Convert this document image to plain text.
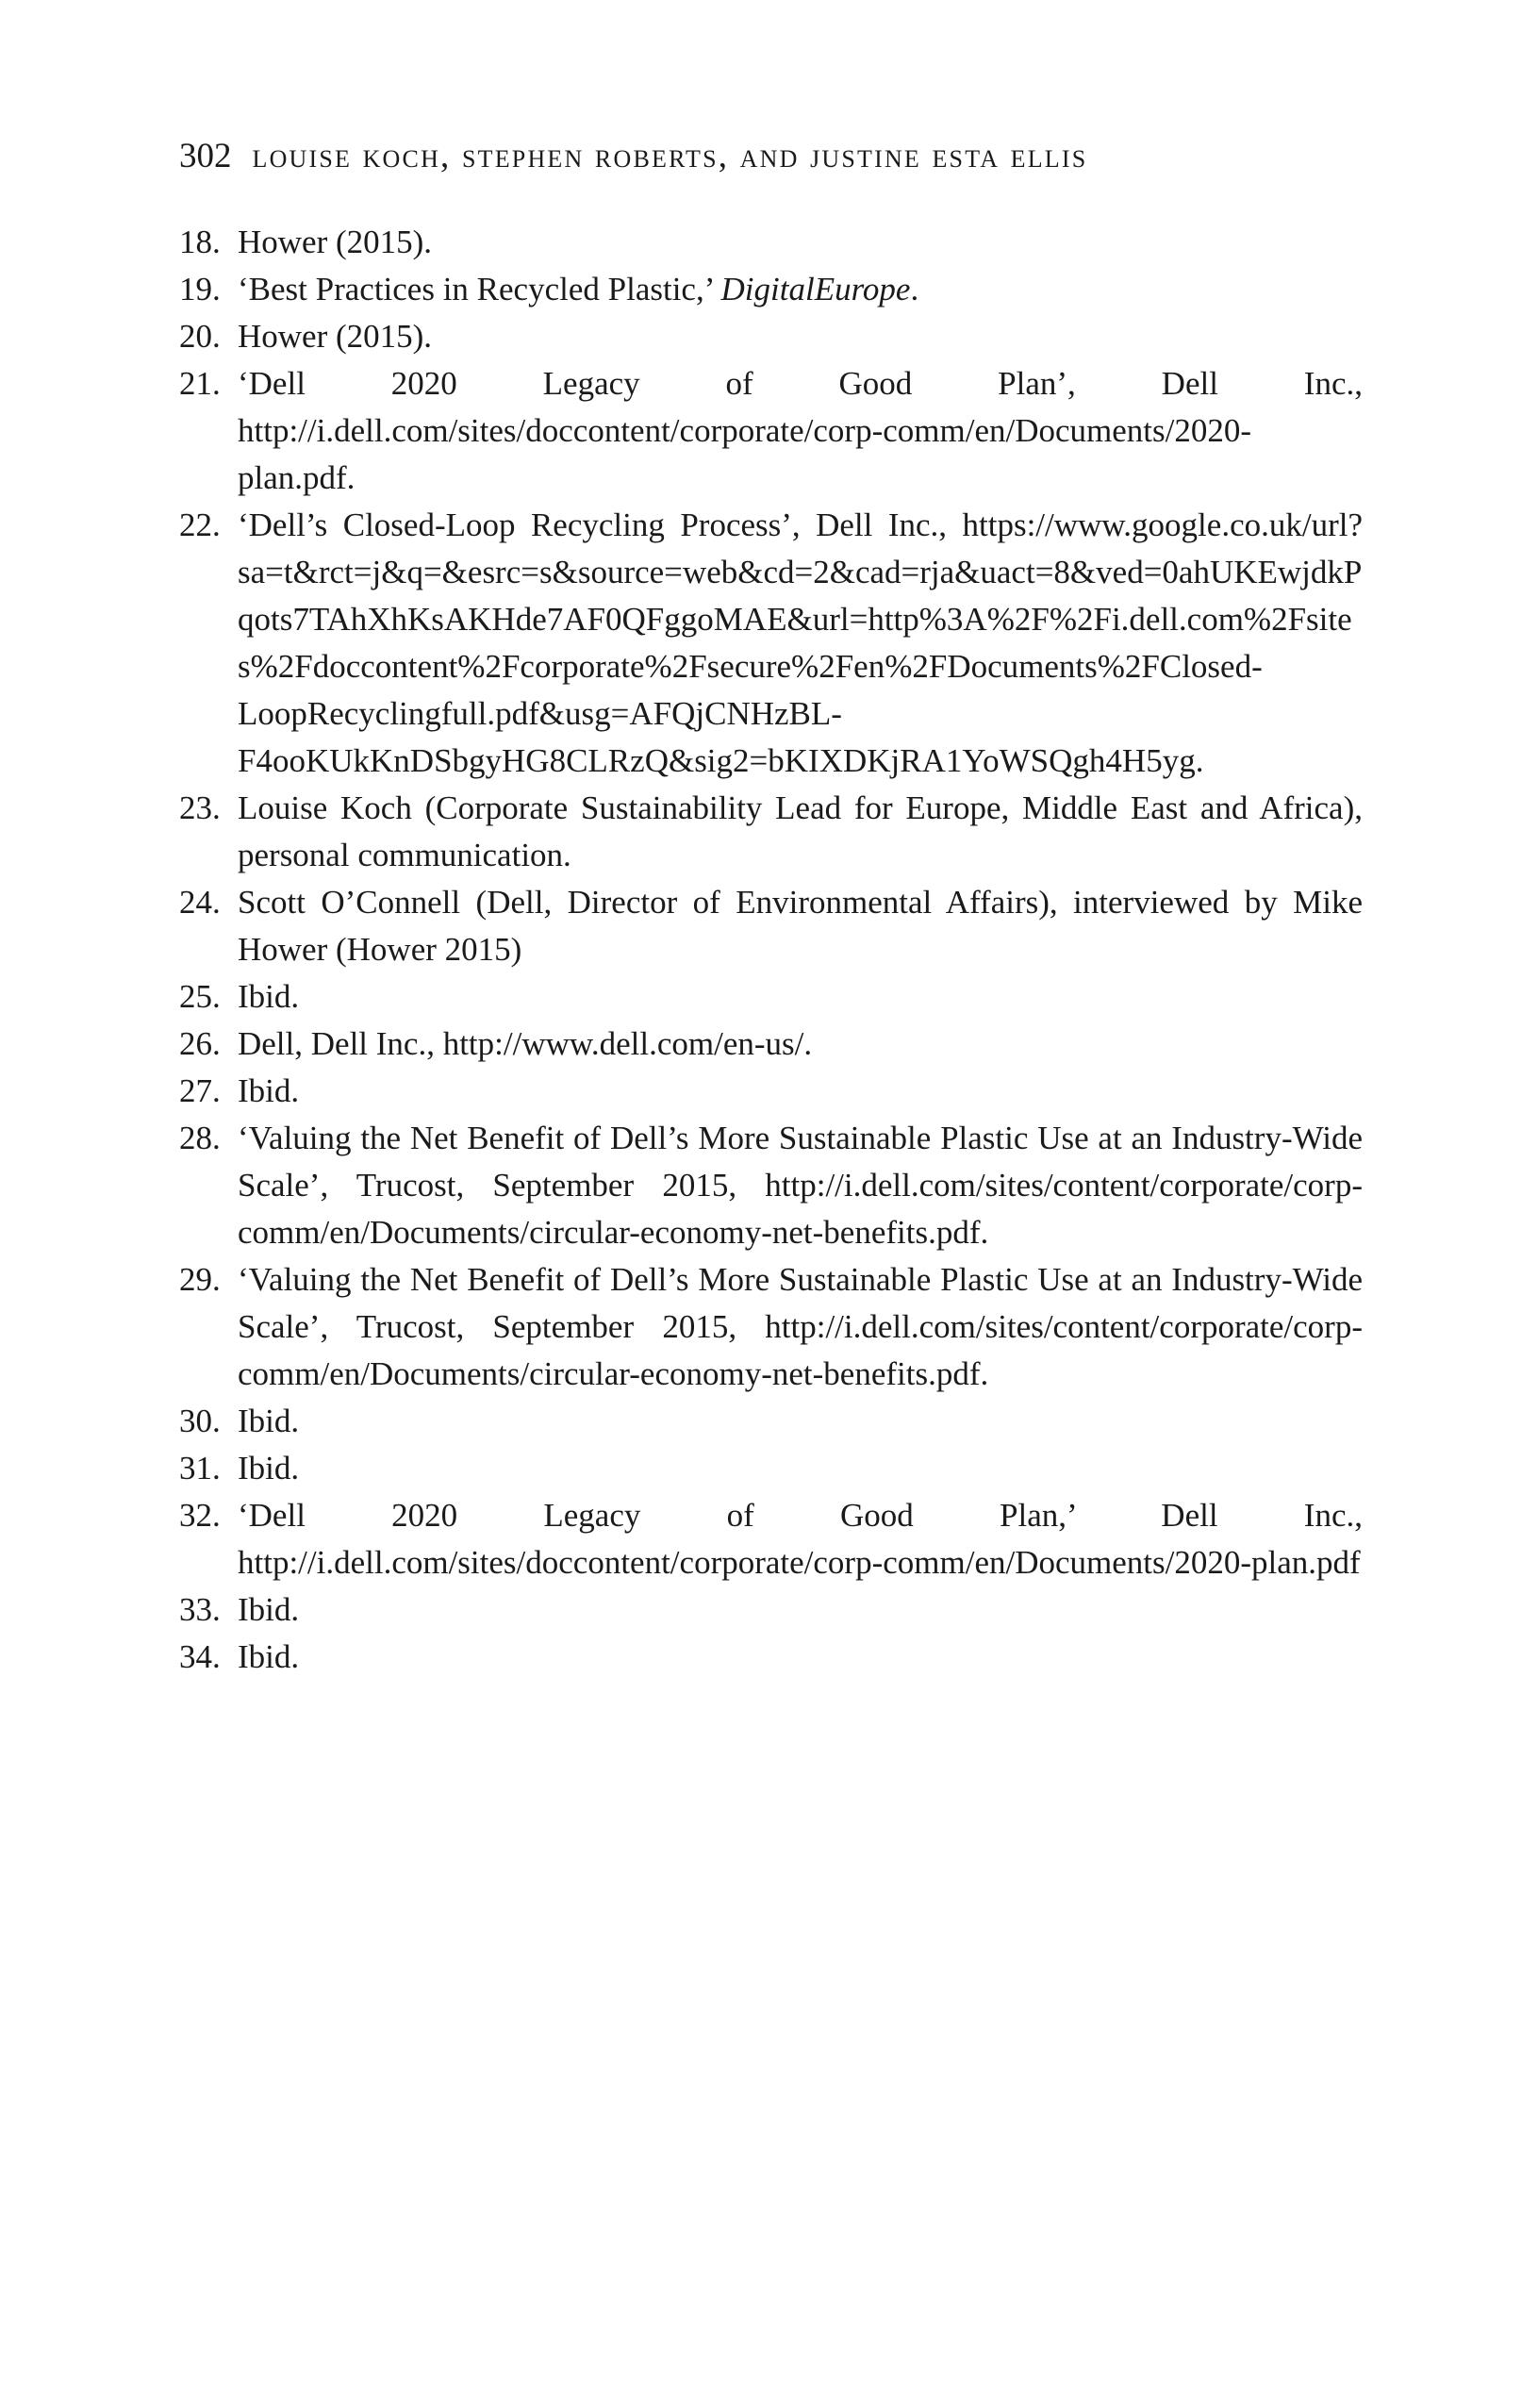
302 louise koch, stephen roberts, and justine esta ellis
18. Hower (2015).
19. ‘Best Practices in Recycled Plastic,’ DigitalEurope.
20. Hower (2015).
21. ‘Dell 2020 Legacy of Good Plan’, Dell Inc., http://i.dell.com/sites/doccontent/corporate/corp-comm/en/Documents/2020-plan.pdf.
22. ‘Dell’s Closed-Loop Recycling Process’, Dell Inc., https://www.google.co.uk/url?sa=t&rct=j&q=&esrc=s&source=web&cd=2&cad=rja&uact=8&ved=0ahUKEwjdkPqots7TAhXhKsAKHde7AF0QFggoMAE&url=http%3A%2F%2Fi.dell.com%2Fsites%2Fdoccontent%2Fcorporate%2Fsecure%2Fen%2FDocuments%2FClosed-LoopRecyclingfull.pdf&usg=AFQjCNHzBL-F4ooKUkKnDSbgyHG8CLRzQ&sig2=bKIXDKjRA1YoWSQgh4H5yg.
23. Louise Koch (Corporate Sustainability Lead for Europe, Middle East and Africa), personal communication.
24. Scott O’Connell (Dell, Director of Environmental Affairs), interviewed by Mike Hower (Hower 2015)
25. Ibid.
26. Dell, Dell Inc., http://www.dell.com/en-us/.
27. Ibid.
28. ‘Valuing the Net Benefit of Dell’s More Sustainable Plastic Use at an Industry-Wide Scale’, Trucost, September 2015, http://i.dell.com/sites/content/corporate/corp-comm/en/Documents/circular-economy-net-benefits.pdf.
29. ‘Valuing the Net Benefit of Dell’s More Sustainable Plastic Use at an Industry-Wide Scale’, Trucost, September 2015, http://i.dell.com/sites/content/corporate/corp-comm/en/Documents/circular-economy-net-benefits.pdf.
30. Ibid.
31. Ibid.
32. ‘Dell 2020 Legacy of Good Plan,’ Dell Inc., http://i.dell.com/sites/doccontent/corporate/corp-comm/en/Documents/2020-plan.pdf
33. Ibid.
34. Ibid.
